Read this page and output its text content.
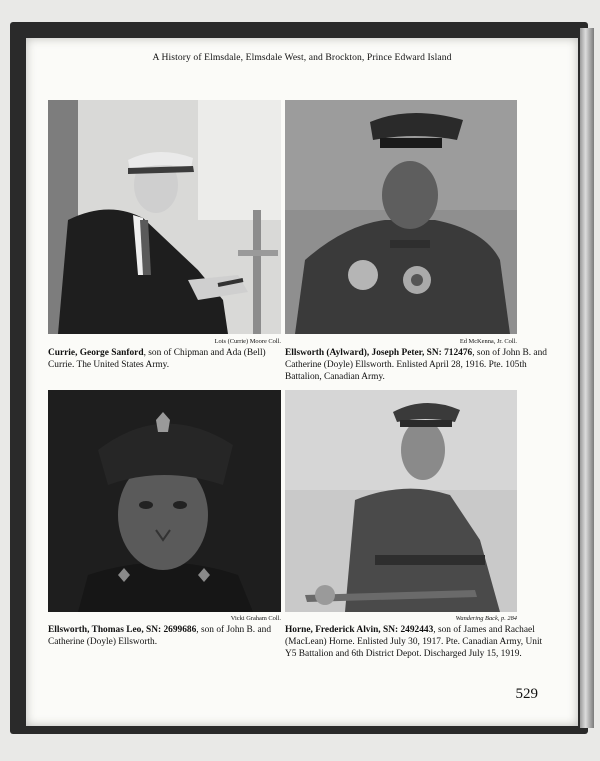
A History of Elmsdale, Elmsdale West, and Brockton, Prince Edward Island
Lois (Currie) Moore Coll.
Currie, George Sanford, son of Chipman and Ada (Bell) Currie. The United States Army.
Ed McKenna, Jr. Coll.
Ellsworth (Aylward), Joseph Peter, SN: 712476, son of John B. and Catherine (Doyle) Ellsworth. Enlisted April 28, 1916. Pte. 105th Battalion, Canadian Army.
Vicki Graham Coll.
Ellsworth, Thomas Leo, SN: 2699686, son of John B. and Catherine (Doyle) Ellsworth.
Wandering Back, p. 284
Horne, Frederick Alvin, SN: 2492443, son of James and Rachael (MacLean) Horne. Enlisted July 30, 1917. Pte. Canadian Army, Unit Y5 Battalion and 6th District Depot. Discharged July 15, 1919.
529
